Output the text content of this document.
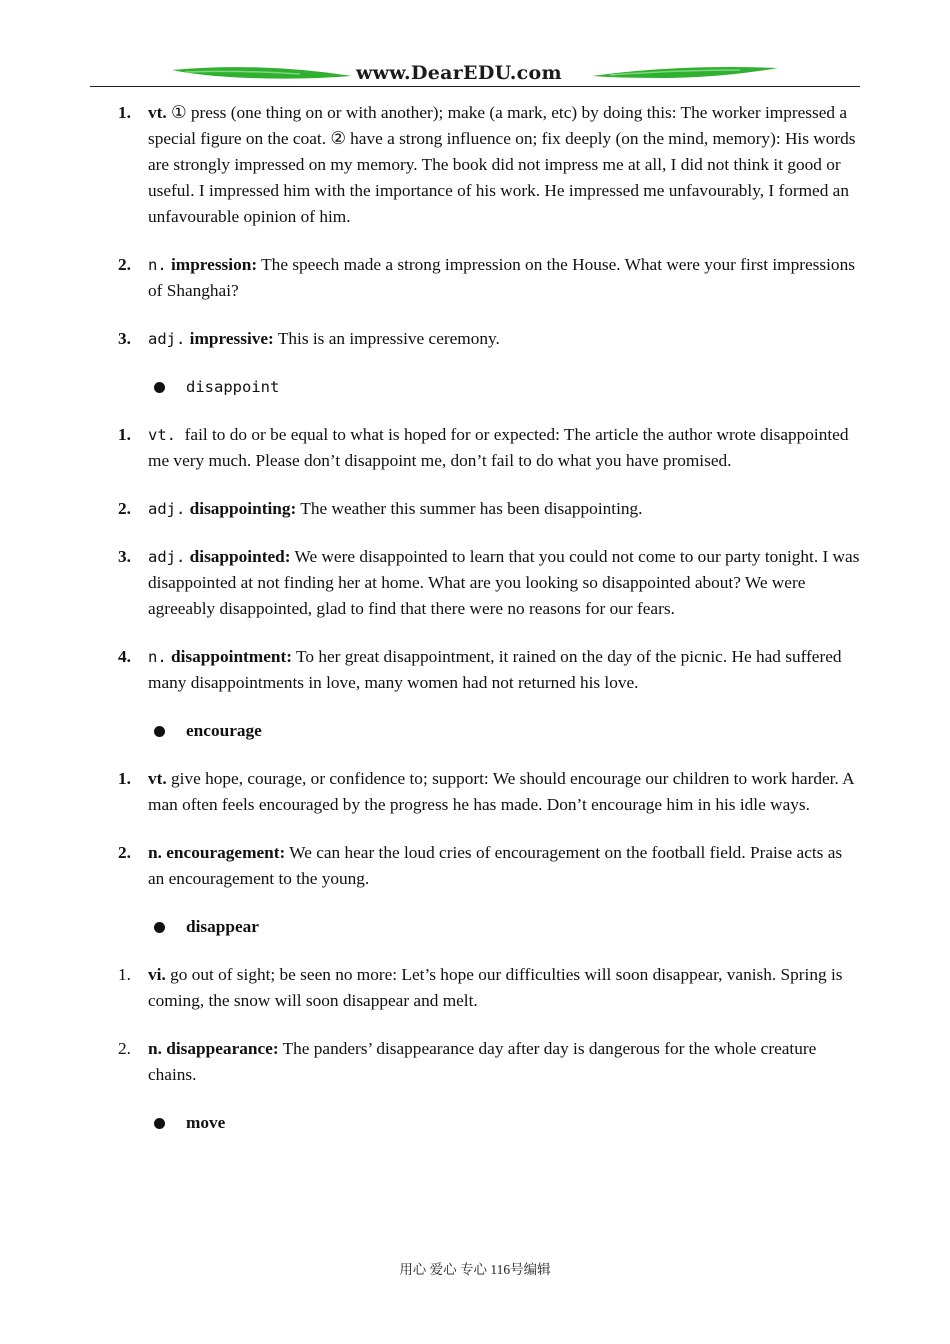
www.DearEDU.com

1. vt. ① press (one thing on or with another); make (a mark, etc) by doing this: The worker impressed a special figure on the coat. ② have a strong influence on; fix deeply (on the mind, memory): His words are strongly impressed on my memory. The book did not impress me at all, I did not think it good or useful. I impressed him with the importance of his work. He impressed me unfavourably, I formed an unfavourable opinion of him.

2. n. impression: The speech made a strong impression on the House. What were your first impressions of Shanghai?

3. adj. impressive: This is an impressive ceremony.

disappoint

1. vt.  fail to do or be equal to what is hoped for or expected: The article the author wrote disappointed me very much. Please don’t disappoint me, don’t fail to do what you have promised.

2. adj. disappointing: The weather this summer has been disappointing.

3. adj. disappointed: We were disappointed to learn that you could not come to our party tonight. I was disappointed at not finding her at home. What are you looking so disappointed about? We were agreeably disappointed, glad to find that there were no reasons for our fears.

4. n. disappointment: To her great disappointment, it rained on the day of the picnic. He had suffered many disappointments in love, many women had not returned his love.

encourage

1. vt. give hope, courage, or confidence to; support: We should encourage our children to work harder. A man often feels encouraged by the progress he has made. Don’t encourage him in his idle ways.

2. n. encouragement: We can hear the loud cries of encouragement on the football field. Praise acts as an encouragement to the young.

disappear

1. vi. go out of sight; be seen no more: Let’s hope our difficulties will soon disappear, vanish. Spring is coming, the snow will soon disappear and melt.

2. n. disappearance: The panders’ disappearance day after day is dangerous for the whole creature chains.

move
用心 爱心 专心 116号编辑
